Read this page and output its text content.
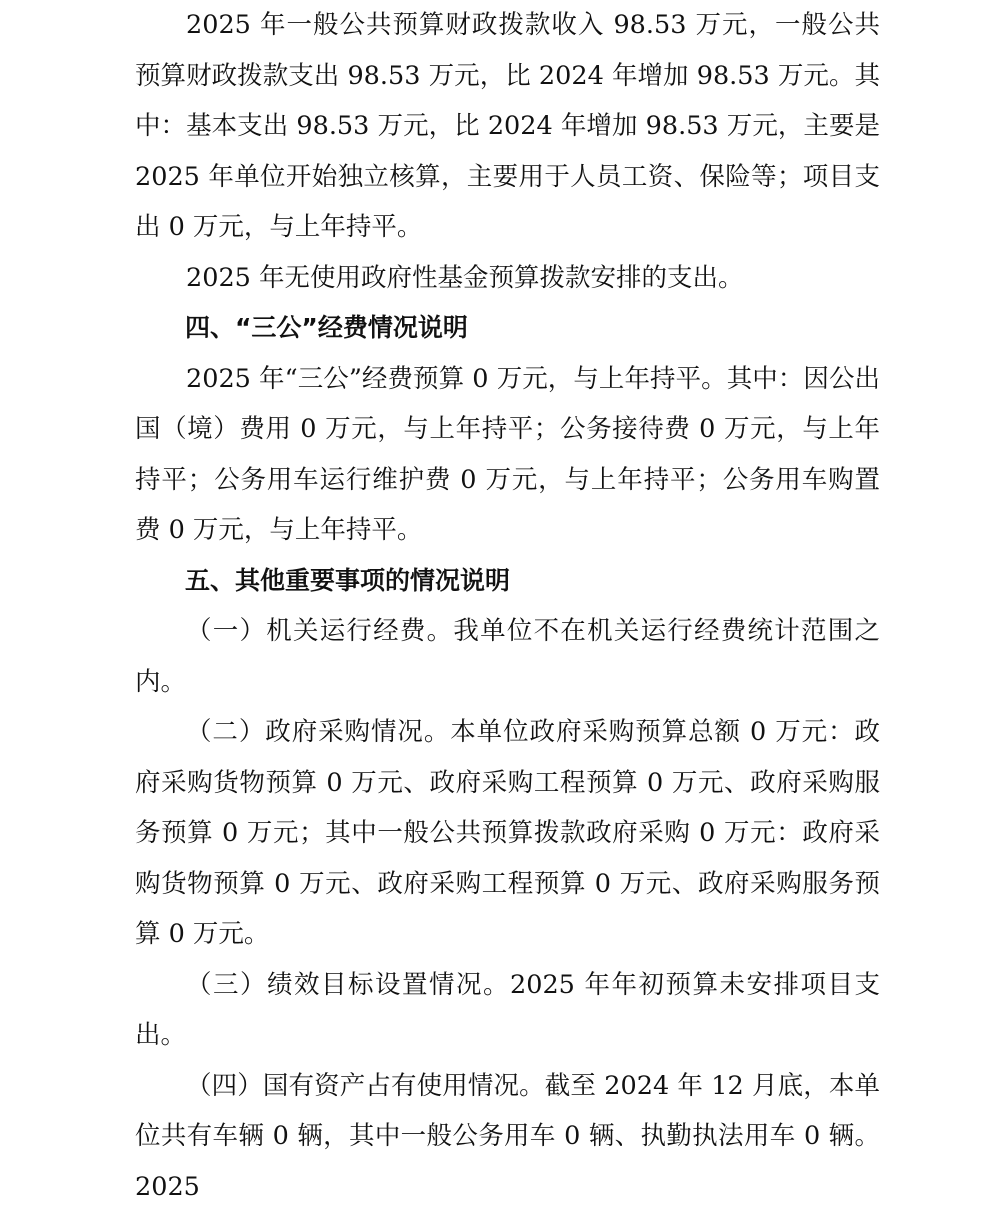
2025 年一般公共预算财政拨款收入 98.53 万元，一般公共预算财政拨款支出 98.53 万元，比 2024 年增加 98.53 万元。其中：基本支出 98.53 万元，比 2024 年增加 98.53 万元，主要是 2025 年单位开始独立核算，主要用于人员工资、保险等；项目支出 0 万元，与上年持平。

2025 年无使用政府性基金预算拨款安排的支出。

四、“三公”经费情况说明

2025 年“三公”经费预算 0 万元，与上年持平。其中：因公出国（境）费用 0 万元，与上年持平；公务接待费 0 万元，与上年持平；公务用车运行维护费 0 万元，与上年持平；公务用车购置费 0 万元，与上年持平。

五、其他重要事项的情况说明

（一）机关运行经费。我单位不在机关运行经费统计范围之内。

（二）政府采购情况。本单位政府采购预算总额 0 万元：政府采购货物预算 0 万元、政府采购工程预算 0 万元、政府采购服务预算 0 万元；其中一般公共预算拨款政府采购 0 万元：政府采购货物预算 0 万元、政府采购工程预算 0 万元、政府采购服务预算 0 万元。

（三）绩效目标设置情况。2025 年年初预算未安排项目支出。

（四）国有资产占有使用情况。截至 2024 年 12 月底，本单位共有车辆 0 辆，其中一般公务用车 0 辆、执勤执法用车 0 辆。2025
